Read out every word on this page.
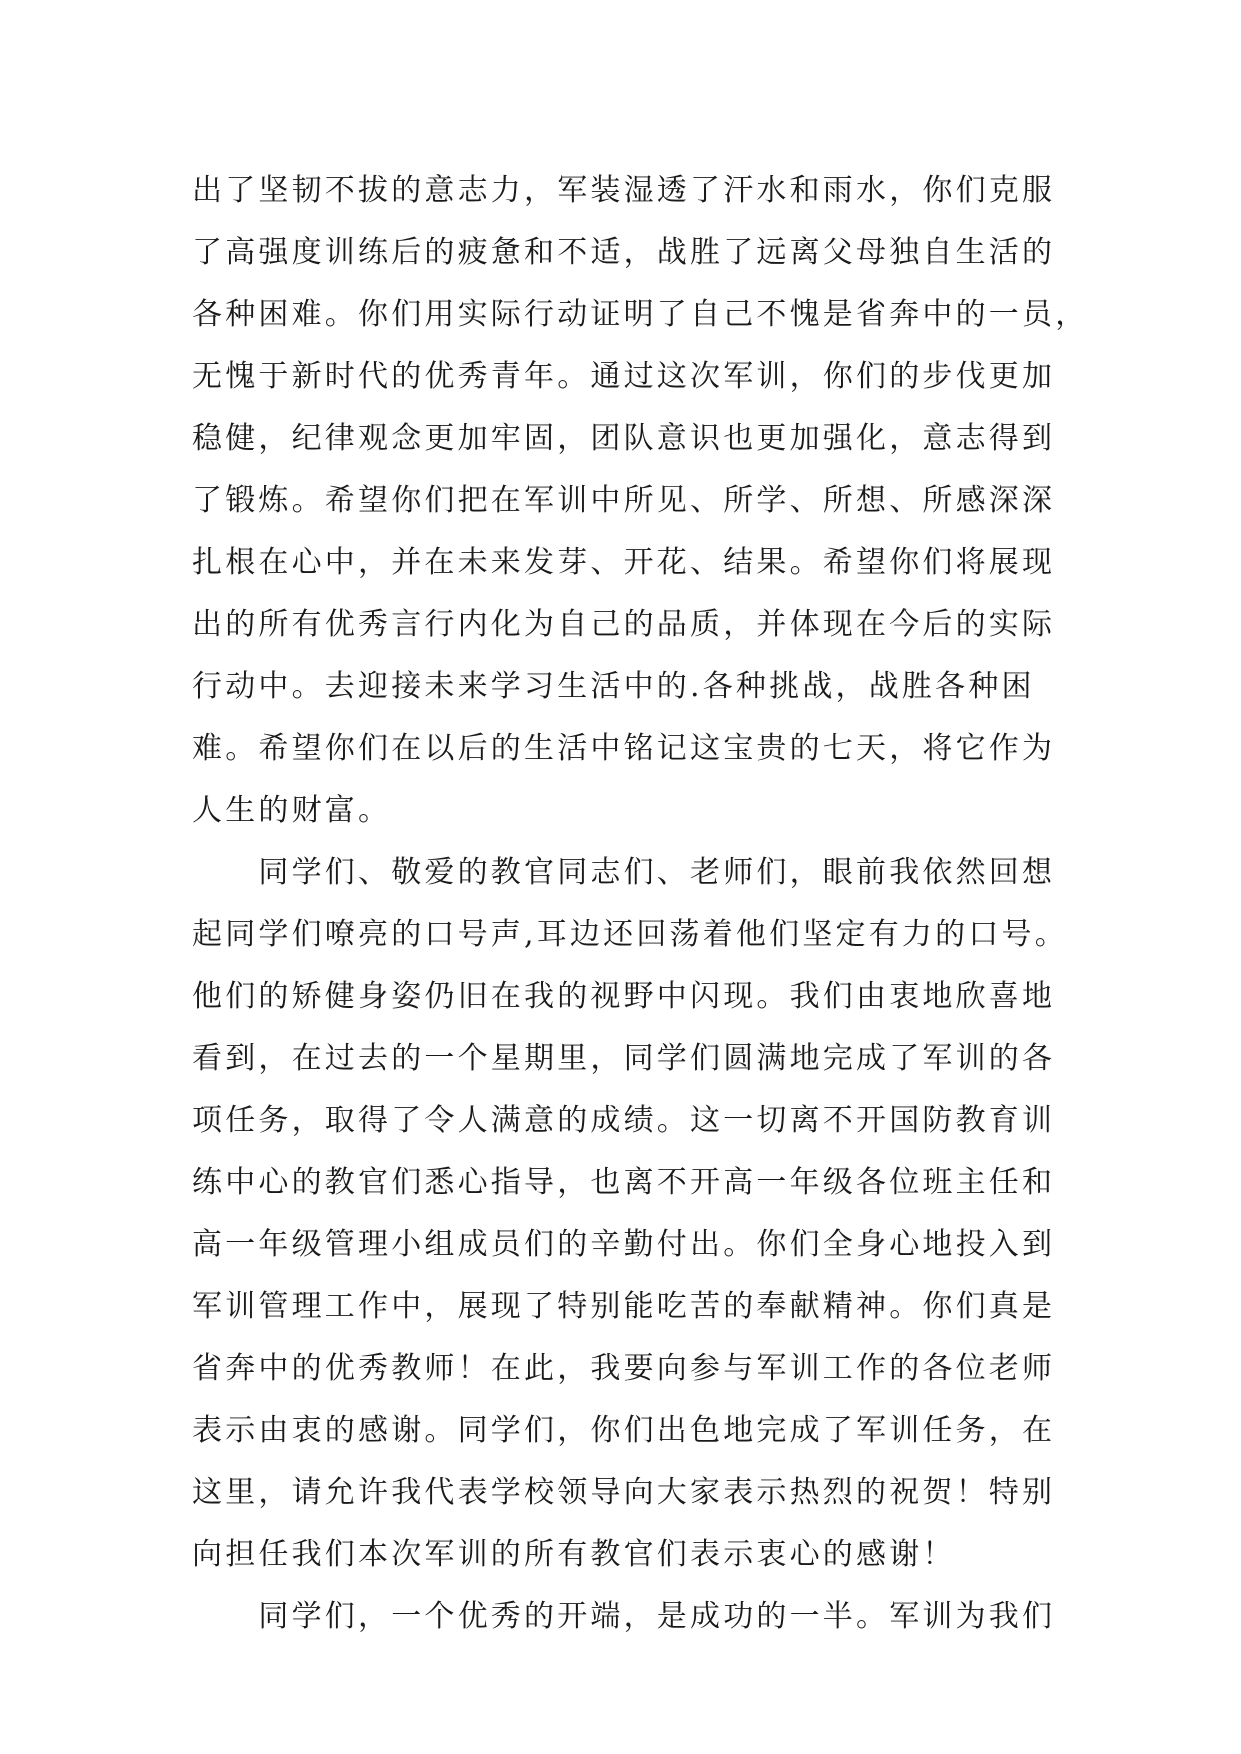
出了坚韧不拔的意志力，军装湿透了汗水和雨水，你们克服
了高强度训练后的疲惫和不适，战胜了远离父母独自生活的
各种困难。你们用实际行动证明了自己不愧是省奔中的一员，
无愧于新时代的优秀青年。通过这次军训，你们的步伐更加
稳健，纪律观念更加牢固，团队意识也更加强化，意志得到
了锻炼。希望你们把在军训中所见、所学、所想、所感深深
扎根在心中，并在未来发芽、开花、结果。希望你们将展现
出的所有优秀言行内化为自己的品质，并体现在今后的实际
行动中。去迎接未来学习生活中的.各种挑战，战胜各种困
难。希望你们在以后的生活中铭记这宝贵的七天，将它作为
人生的财富。
　　同学们、敬爱的教官同志们、老师们，眼前我依然回想
起同学们嘹亮的口号声,耳边还回荡着他们坚定有力的口号。
他们的矫健身姿仍旧在我的视野中闪现。我们由衷地欣喜地
看到，在过去的一个星期里，同学们圆满地完成了军训的各
项任务，取得了令人满意的成绩。这一切离不开国防教育训
练中心的教官们悉心指导，也离不开高一年级各位班主任和
高一年级管理小组成员们的辛勤付出。你们全身心地投入到
军训管理工作中，展现了特别能吃苦的奉献精神。你们真是
省奔中的优秀教师！在此，我要向参与军训工作的各位老师
表示由衷的感谢。同学们，你们出色地完成了军训任务，在
这里，请允许我代表学校领导向大家表示热烈的祝贺！特别
向担任我们本次军训的所有教官们表示衷心的感谢！
　　同学们，一个优秀的开端，是成功的一半。军训为我们
